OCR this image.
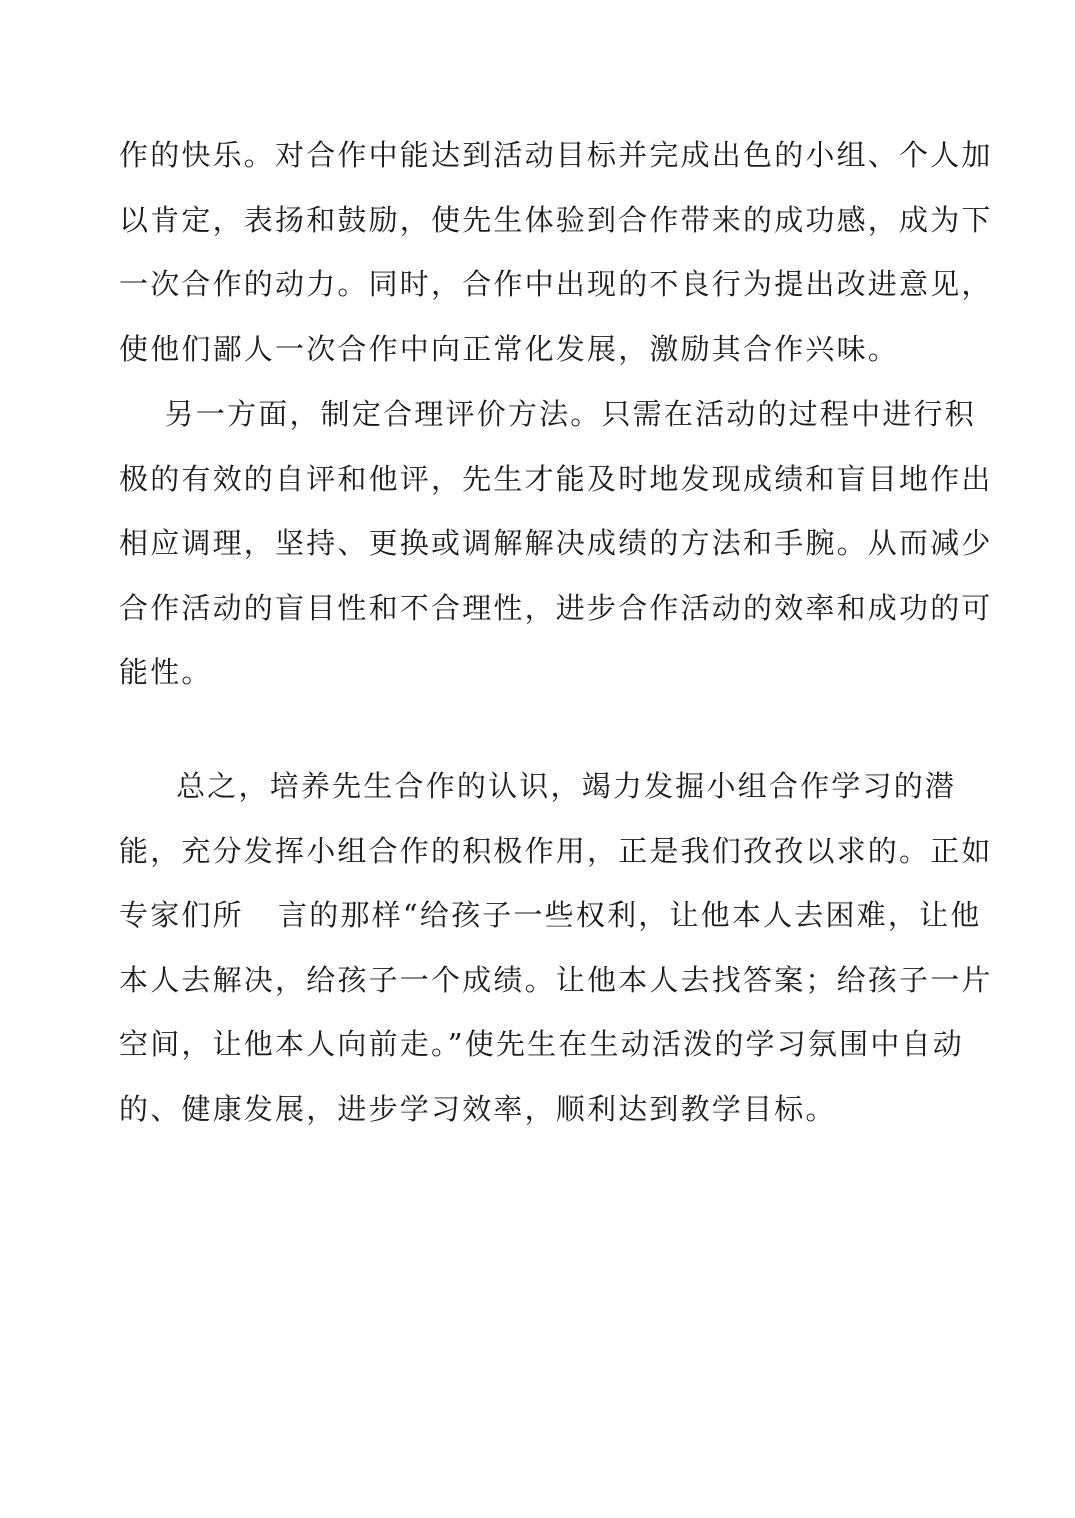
作的快乐。对合作中能达到活动目标并完成出色的小组、个人加
以肯定，表扬和鼓励，使先生体验到合作带来的成功感，成为下
一次合作的动力。同时，合作中出现的不良行为提出改进意见，
使他们鄙人一次合作中向正常化发展，激励其合作兴味。
另一方面，制定合理评价方法。只需在活动的过程中进行积
极的有效的自评和他评，先生才能及时地发现成绩和盲目地作出
相应调理，坚持、更换或调解解决成绩的方法和手腕。从而减少
合作活动的盲目性和不合理性，进步合作活动的效率和成功的可
能性。
总之，培养先生合作的认识，竭力发掘小组合作学习的潜
能，充分发挥小组合作的积极作用，正是我们孜孜以求的。正如
专家们所   言的那样“给孩子一些权利，让他本人去困难，让他
本人去解决，给孩子一个成绩。让他本人去找答案；给孩子一片
空间，让他本人向前走。”使先生在生动活泼的学习氛围中自动
的、健康发展，进步学习效率，顺利达到教学目标。
